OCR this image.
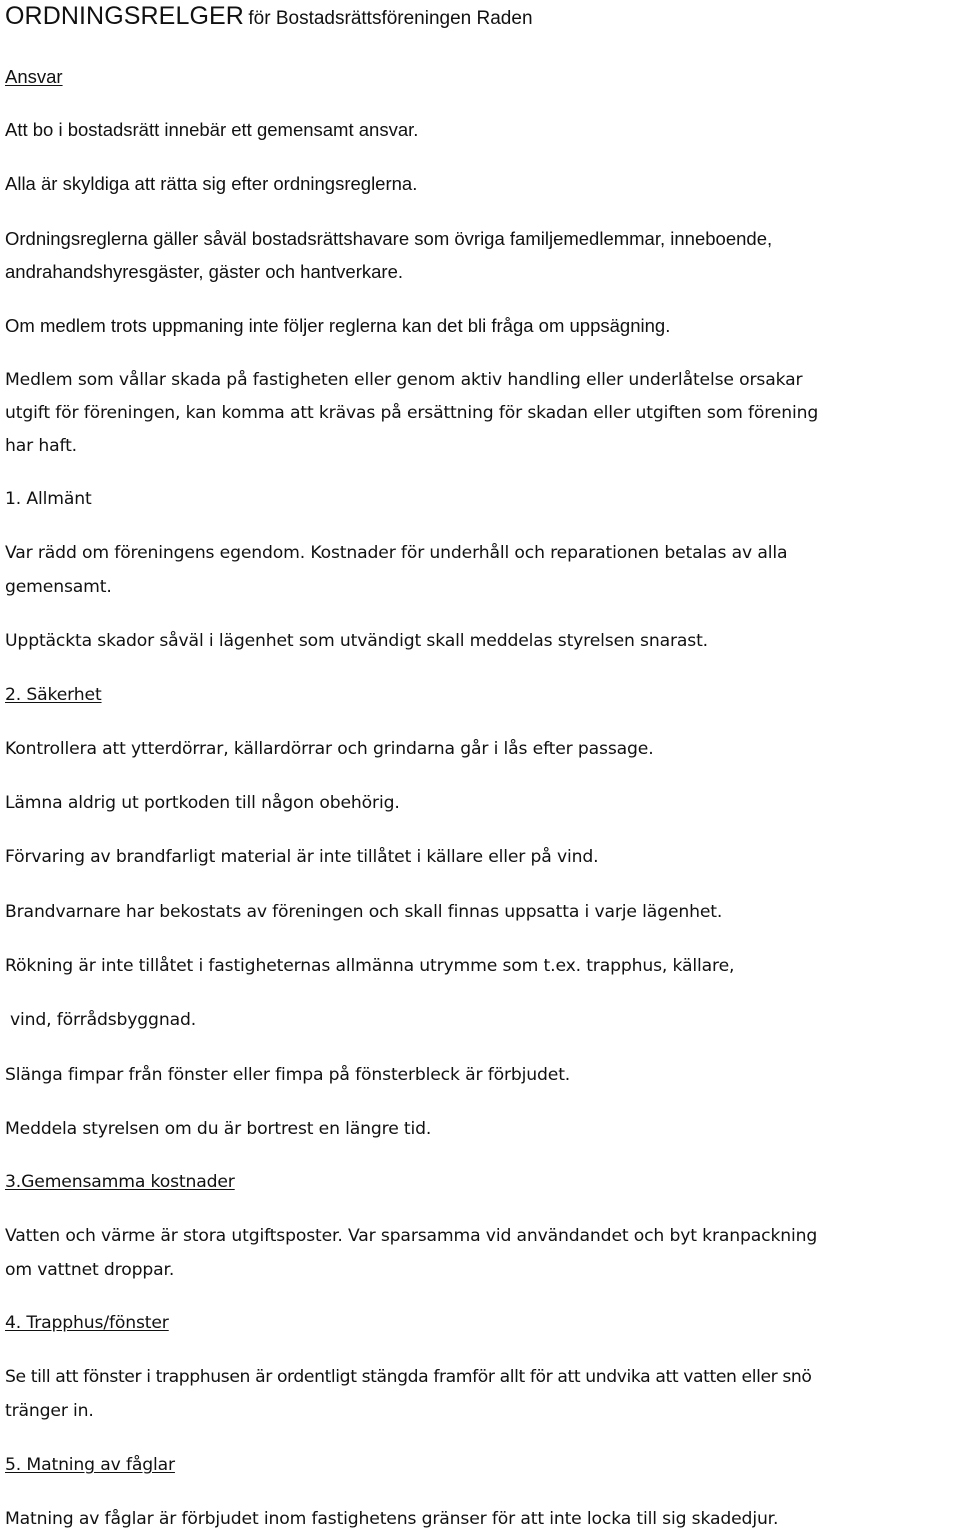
ORDNINGSRELGER för Bostadsrättsföreningen Raden
Ansvar
Att bo i bostadsrätt innebär ett gemensamt ansvar.
Alla är skyldiga att rätta sig efter ordningsreglerna.
Ordningsreglerna gäller såväl bostadsrättshavare som övriga familjemedlemmar, inneboende,
andrahandshyresgäster, gäster och hantverkare.
Om medlem trots uppmaning inte följer reglerna kan det bli fråga om uppsägning.
Medlem som vållar skada på fastigheten eller genom aktiv handling eller underlåtelse orsakar
utgift för föreningen, kan komma att krävas på ersättning för skadan eller utgiften som förening
har haft.
1. Allmänt
Var rädd om föreningens egendom. Kostnader för underhåll och reparationen betalas av alla
gemensamt.
Upptäckta skador såväl i lägenhet som utvändigt skall meddelas styrelsen snarast.
2. Säkerhet
Kontrollera att ytterdörrar, källardörrar och grindarna går i lås efter passage.
Lämna aldrig ut portkoden till någon obehörig.
Förvaring av brandfarligt material är inte tillåtet i källare eller på vind.
Brandvarnare har bekostats av föreningen och skall finnas uppsatta i varje lägenhet.
Rökning är inte tillåtet i fastigheternas allmänna utrymme som t.ex. trapphus, källare,
vind, förrådsbyggnad.
Slänga fimpar från fönster eller fimpa på fönsterbleck är förbjudet.
Meddela styrelsen om du är bortrest en längre tid.
3.Gemensamma kostnader
Vatten och värme är stora utgiftsposter. Var sparsamma vid användandet och byt kranpackning
om vattnet droppar.
4. Trapphus/fönster
Se till att fönster i trapphusen är ordentligt stängda framför allt för att undvika att vatten eller snö
tränger in.
5. Matning av fåglar
Matning av fåglar är förbjudet inom fastighetens gränser för att inte locka till sig skadedjur.
